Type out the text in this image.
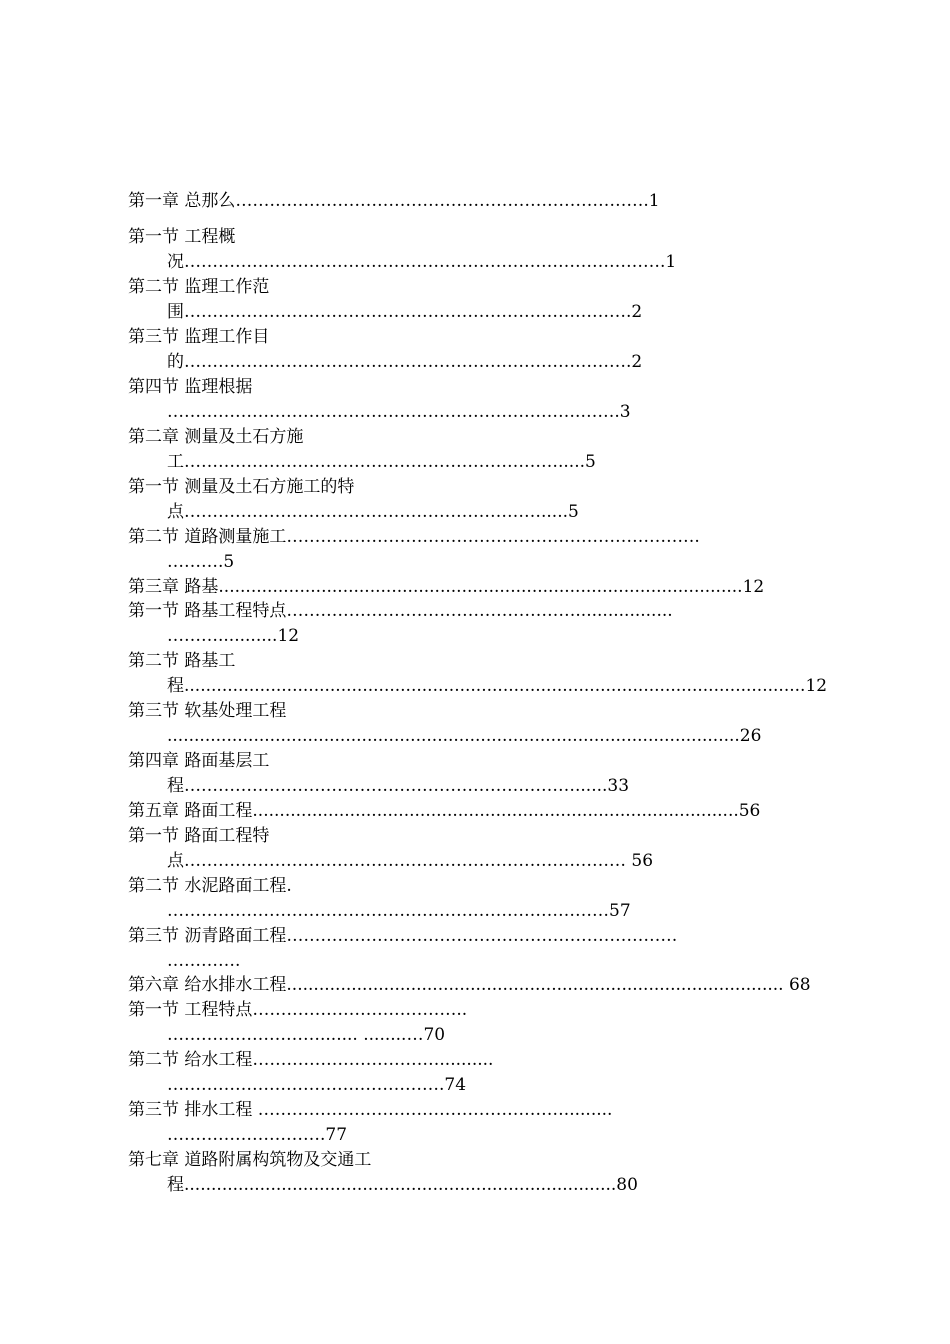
第一章 总那么……………………………………………………………….1
第一节 工程概
况………………………………………………………………………….1
第二节 监理工作范
围…………………………………………………………………….2
第三节 监理工作目
的…………………………………………………………………….2
第四节 监理根据
……………………………………………………………….…….3
第二章 测量及土石方施
工………………………………………………………….....5
第一节 测量及土石方施工的特
点……………………………………………………….....5
第二节 道路测量施工……………………………………………………………….
……….5
第三章 路基.................................................................................................12
第一节 路基工程特点……………………………………………..................
………...........12
第二节 路基工
程...................................................................................................................12
第三节 软基处理工程
..........................................................................................................26
第四章 路面基层工
程……………………………………………………………......33
第五章 路面工程..........................................................................................56
第一节 路面工程特
点…………………………………………………………………… 56
第二节 水泥路面工程.
……………………………………………………………………57
第三节 沥青路面工程……………………………………………………………
………….
第六章 给水排水工程............................................................................................ 68
第一节 工程特点………………………………..
………………………....... ........…70
第二节 给水工程……………………………..........
………………………………………….74
第三节 排水工程 ……………………………………………….........
……………………….77
第七章 道路附属构筑物及交通工
程................................................................................80
